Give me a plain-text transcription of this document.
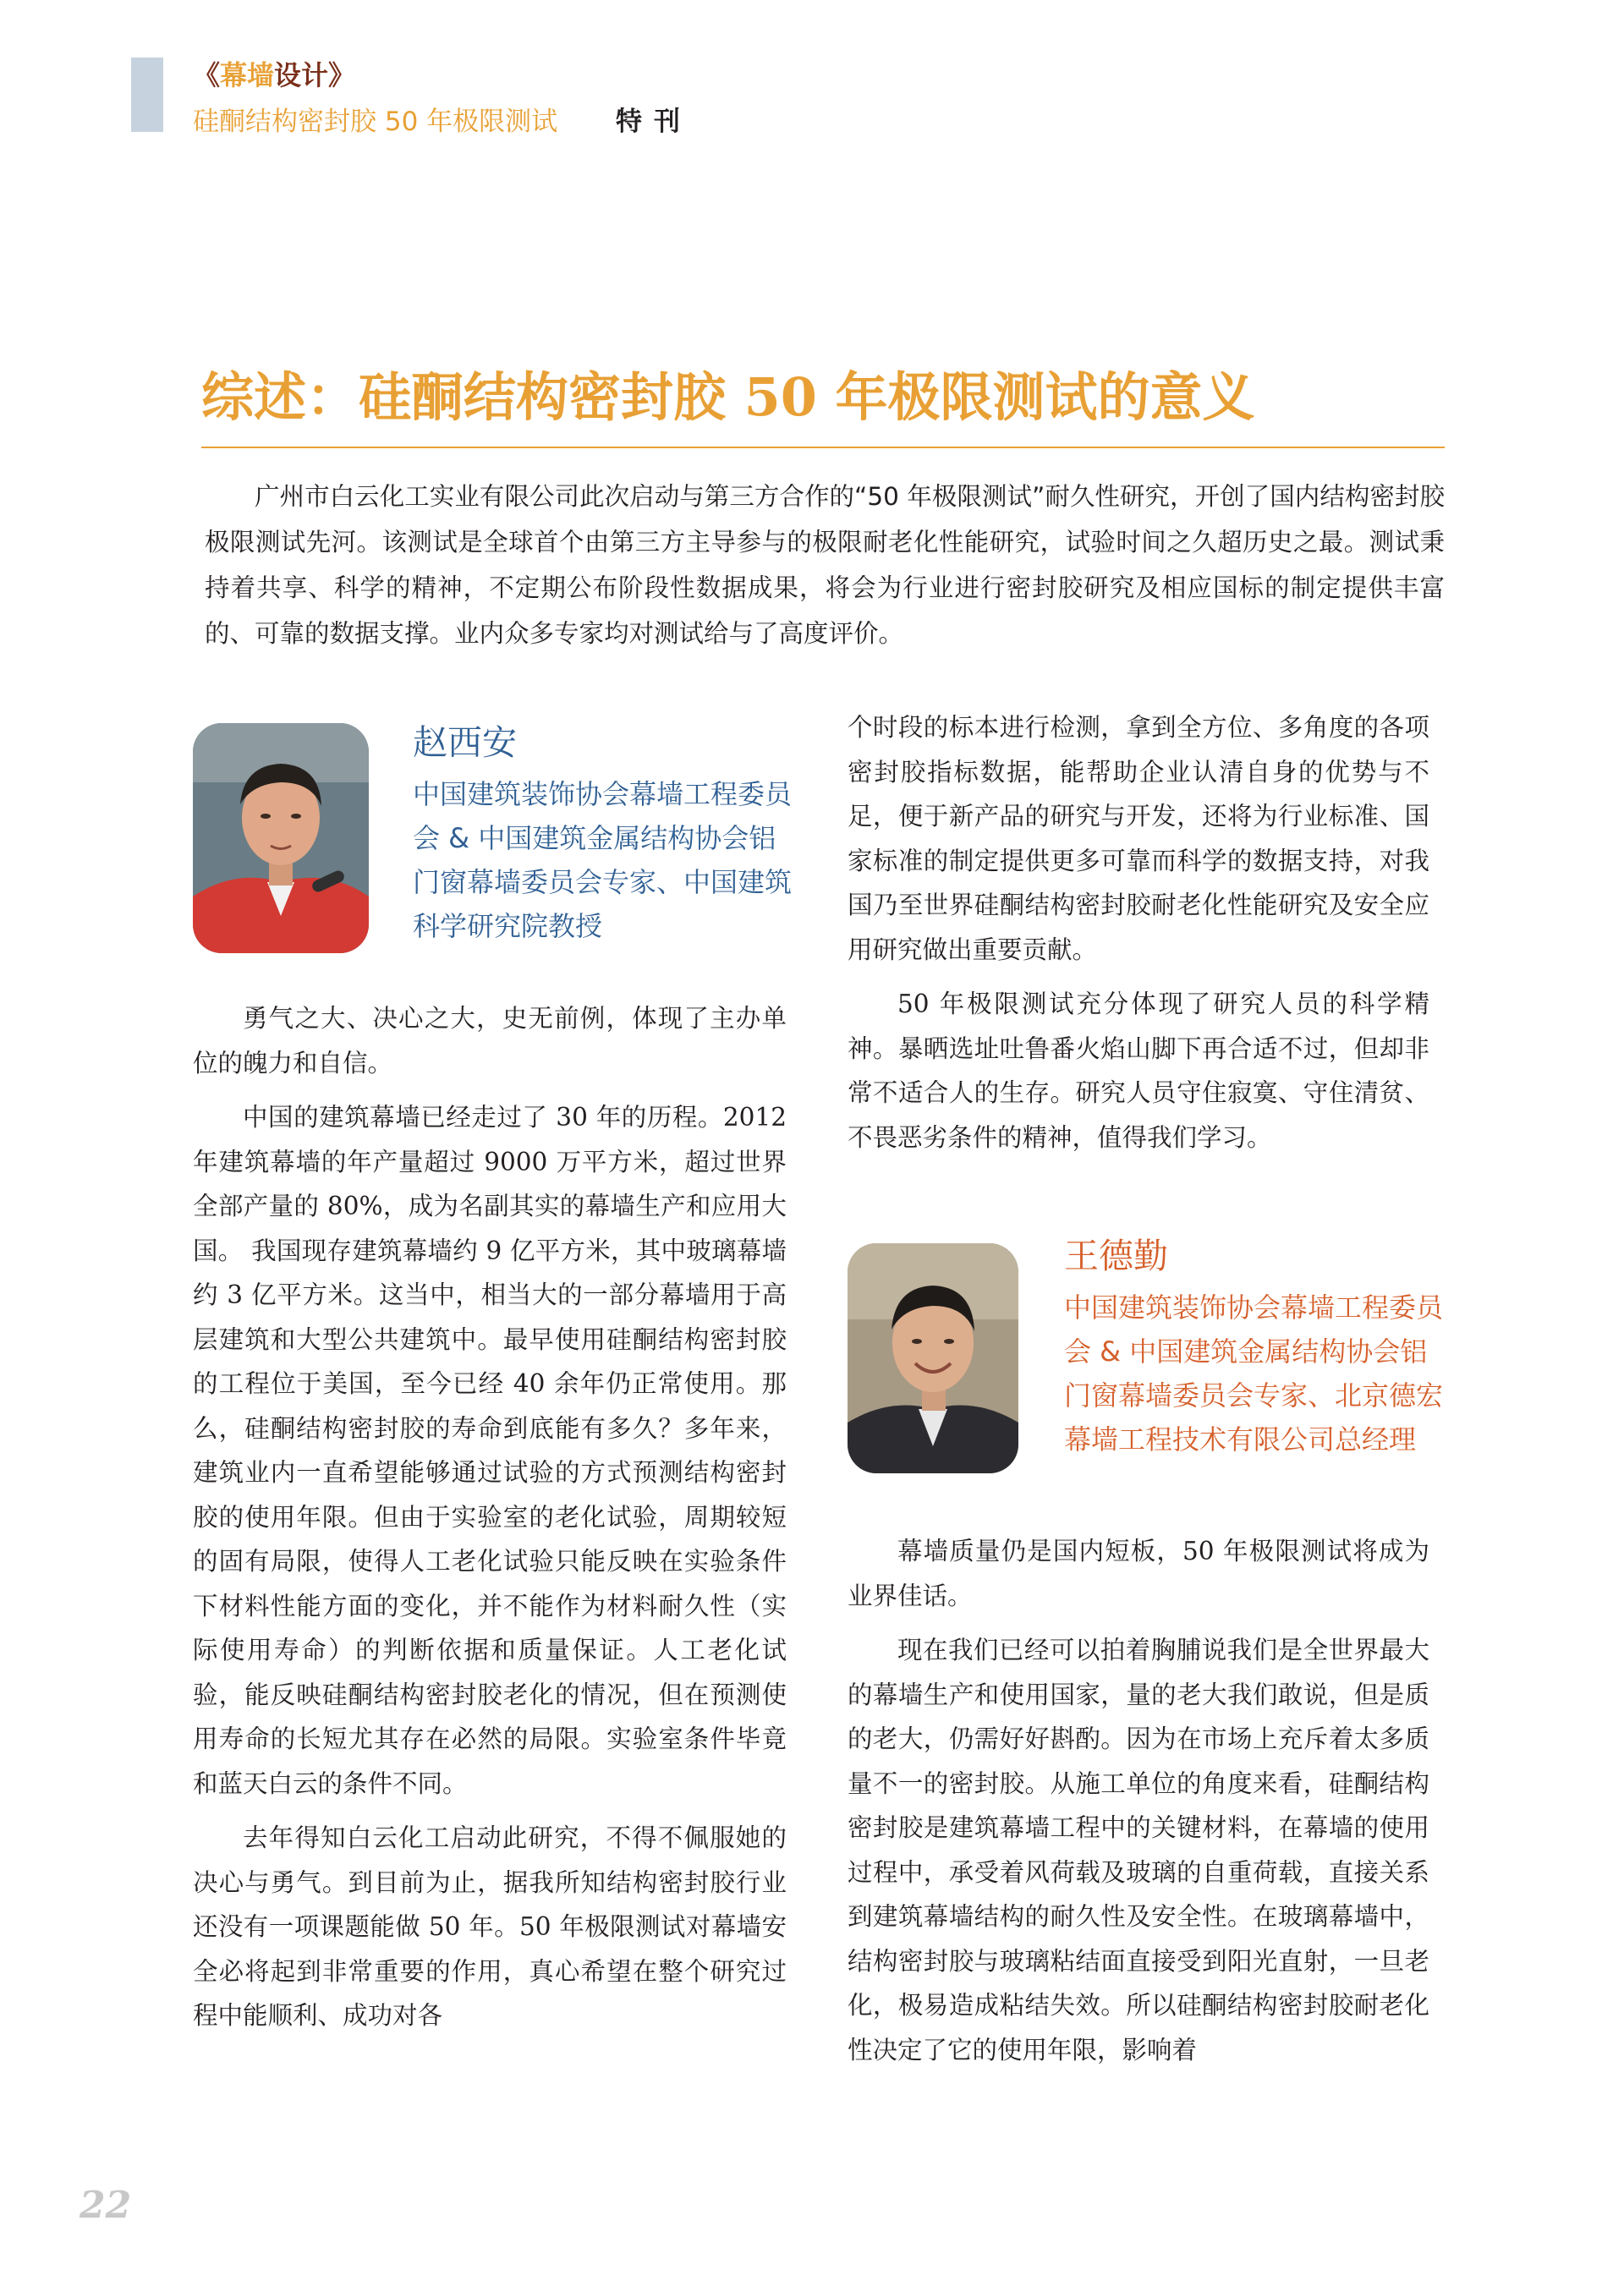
《幕墙设计》
硅酮结构密封胶 50 年极限测试 特刊
综述：硅酮结构密封胶 50 年极限测试的意义

广州市白云化工实业有限公司此次启动与第三方合作的“50 年极限测试”耐久性研究，开创了国内结构密封胶极限测试先河。该测试是全球首个由第三方主导参与的极限耐老化性能研究，试验时间之久超历史之最。测试秉持着共享、科学的精神，不定期公布阶段性数据成果，将会为行业进行密封胶研究及相应国标的制定提供丰富的、可靠的数据支撑。业内众多专家均对测试给与了高度评价。

赵西安
中国建筑装饰协会幕墙工程委员会 & 中国建筑金属结构协会铝门窗幕墙委员会专家、中国建筑科学研究院教授

勇气之大、决心之大，史无前例，体现了主办单位的魄力和自信。

中国的建筑幕墙已经走过了 30 年的历程。2012 年建筑幕墙的年产量超过 9000 万平方米，超过世界全部产量的 80%，成为名副其实的幕墙生产和应用大国。 我国现存建筑幕墙约 9 亿平方米，其中玻璃幕墙约 3 亿平方米。这当中，相当大的一部分幕墙用于高层建筑和大型公共建筑中。最早使用硅酮结构密封胶的工程位于美国，至今已经 40 余年仍正常使用。那么，硅酮结构密封胶的寿命到底能有多久？多年来，建筑业内一直希望能够通过试验的方式预测结构密封胶的使用年限。但由于实验室的老化试验，周期较短的固有局限，使得人工老化试验只能反映在实验条件下材料性能方面的变化，并不能作为材料耐久性（实际使用寿命）的判断依据和质量保证。人工老化试验，能反映硅酮结构密封胶老化的情况，但在预测使用寿命的长短尤其存在必然的局限。实验室条件毕竟和蓝天白云的条件不同。

去年得知白云化工启动此研究，不得不佩服她的决心与勇气。到目前为止，据我所知结构密封胶行业还没有一项课题能做 50 年。50 年极限测试对幕墙安全必将起到非常重要的作用，真心希望在整个研究过程中能顺利、成功对各

个时段的标本进行检测，拿到全方位、多角度的各项密封胶指标数据，能帮助企业认清自身的优势与不足，便于新产品的研究与开发，还将为行业标准、国家标准的制定提供更多可靠而科学的数据支持，对我国乃至世界硅酮结构密封胶耐老化性能研究及安全应用研究做出重要贡献。

50 年极限测试充分体现了研究人员的科学精神。暴晒选址吐鲁番火焰山脚下再合适不过，但却非常不适合人的生存。研究人员守住寂寞、守住清贫、不畏恶劣条件的精神，值得我们学习。

王德勤
中国建筑装饰协会幕墙工程委员会 & 中国建筑金属结构协会铝门窗幕墙委员会专家、北京德宏幕墙工程技术有限公司总经理

幕墙质量仍是国内短板，50 年极限测试将成为业界佳话。

现在我们已经可以拍着胸脯说我们是全世界最大的幕墙生产和使用国家，量的老大我们敢说，但是质的老大，仍需好好斟酌。因为在市场上充斥着太多质量不一的密封胶。从施工单位的角度来看，硅酮结构密封胶是建筑幕墙工程中的关键材料，在幕墙的使用过程中，承受着风荷载及玻璃的自重荷载，直接关系到建筑幕墙结构的耐久性及安全性。在玻璃幕墙中，结构密封胶与玻璃粘结面直接受到阳光直射，一旦老化，极易造成粘结失效。所以硅酮结构密封胶耐老化性决定了它的使用年限，影响着

22
